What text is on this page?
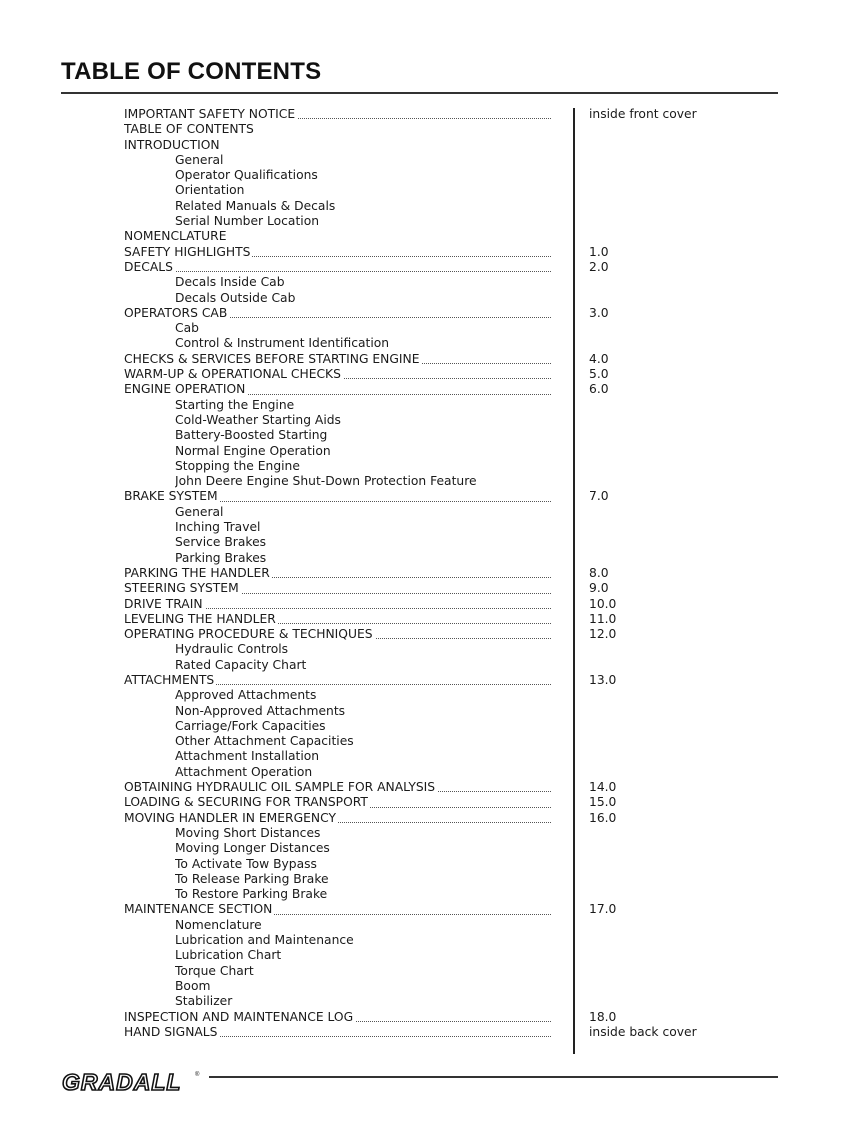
TABLE OF CONTENTS
IMPORTANT SAFETY NOTICE	inside front cover
TABLE OF CONTENTS
INTRODUCTION
General
Operator Qualifications
Orientation
Related Manuals & Decals
Serial Number Location
NOMENCLATURE
SAFETY HIGHLIGHTS	1.0
DECALS	2.0
Decals Inside Cab
Decals Outside Cab
OPERATORS CAB	3.0
Cab
Control & Instrument Identification
CHECKS & SERVICES BEFORE STARTING ENGINE	4.0
WARM-UP & OPERATIONAL CHECKS	5.0
ENGINE OPERATION	6.0
Starting the Engine
Cold-Weather Starting Aids
Battery-Boosted Starting
Normal Engine Operation
Stopping the Engine
John Deere Engine Shut-Down Protection Feature
BRAKE SYSTEM	7.0
General
Inching Travel
Service Brakes
Parking Brakes
PARKING THE HANDLER	8.0
STEERING SYSTEM	9.0
DRIVE TRAIN	10.0
LEVELING THE HANDLER	11.0
OPERATING PROCEDURE & TECHNIQUES	12.0
Hydraulic Controls
Rated Capacity Chart
ATTACHMENTS	13.0
Approved Attachments
Non-Approved Attachments
Carriage/Fork Capacities
Other Attachment Capacities
Attachment Installation
Attachment Operation
OBTAINING HYDRAULIC OIL SAMPLE FOR ANALYSIS	14.0
LOADING & SECURING FOR TRANSPORT	15.0
MOVING HANDLER IN EMERGENCY	16.0
Moving Short Distances
Moving Longer Distances
To Activate Tow Bypass
To Release Parking Brake
To Restore Parking Brake
MAINTENANCE SECTION	17.0
Nomenclature
Lubrication and Maintenance
Lubrication Chart
Torque Chart
Boom
Stabilizer
INSPECTION AND MAINTENANCE LOG	18.0
HAND SIGNALS	inside back cover
GRADALL ®
